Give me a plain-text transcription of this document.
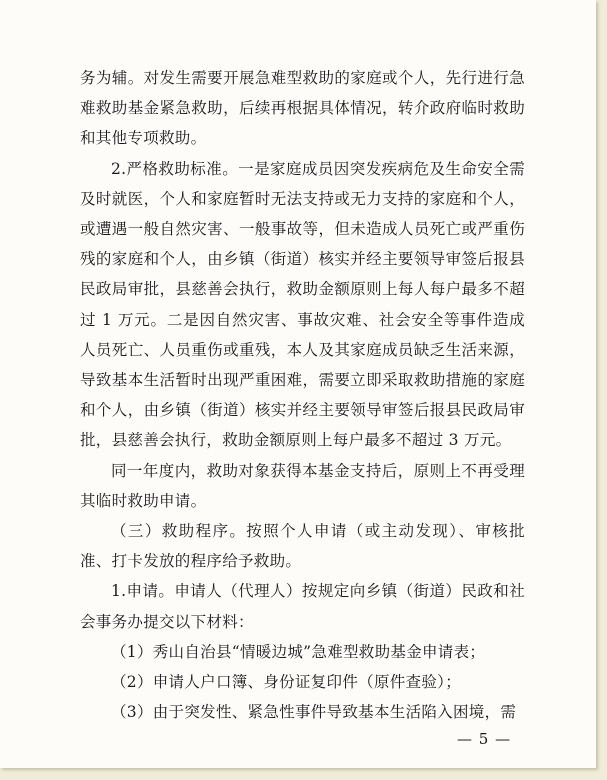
务为辅。对发生需要开展急难型救助的家庭或个人，先行进行急难救助基金紧急救助，后续再根据具体情况，转介政府临时救助和其他专项救助。

2.严格救助标准。一是家庭成员因突发疾病危及生命安全需及时就医，个人和家庭暂时无法支持或无力支持的家庭和个人，或遭遇一般自然灾害、一般事故等，但未造成人员死亡或严重伤残的家庭和个人，由乡镇（街道）核实并经主要领导审签后报县民政局审批，县慈善会执行，救助金额原则上每人每户最多不超过 1 万元。二是因自然灾害、事故灾难、社会安全等事件造成人员死亡、人员重伤或重残，本人及其家庭成员缺乏生活来源，导致基本生活暂时出现严重困难，需要立即采取救助措施的家庭和个人，由乡镇（街道）核实并经主要领导审签后报县民政局审批，县慈善会执行，救助金额原则上每户最多不超过 3 万元。

同一年度内，救助对象获得本基金支持后，原则上不再受理其临时救助申请。

（三）救助程序。按照个人申请（或主动发现）、审核批准、打卡发放的程序给予救助。

1.申请。申请人（代理人）按规定向乡镇（街道）民政和社会事务办提交以下材料：

（1）秀山自治县“情暖边城”急难型救助基金申请表；

（2）申请人户口簿、身份证复印件（原件查验）；

（3）由于突发性、紧急性事件导致基本生活陷入困境，需

— 5 —
